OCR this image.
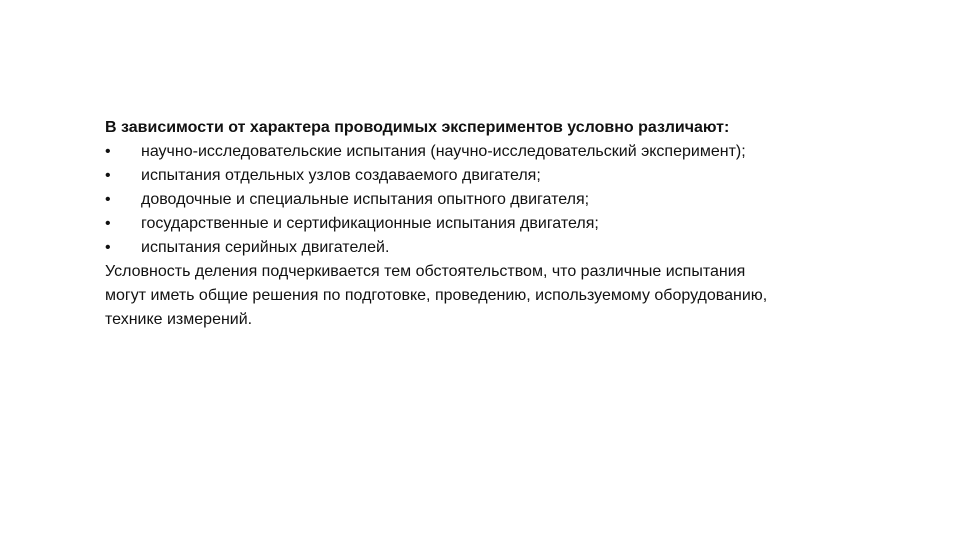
В зависимости от характера проводимых экспериментов условно различают:

•	научно-исследовательские испытания (научно-исследовательский эксперимент);
•	испытания отдельных узлов создаваемого двигателя;
•	доводочные и специальные испытания опытного двигателя;
•	государственные и сертификационные испытания двигателя;
•	испытания серийных двигателей.
Условность деления подчеркивается тем обстоятельством, что различные испытания
могут иметь общие решения по подготовке, проведению, используемому оборудованию,
технике измерений.
